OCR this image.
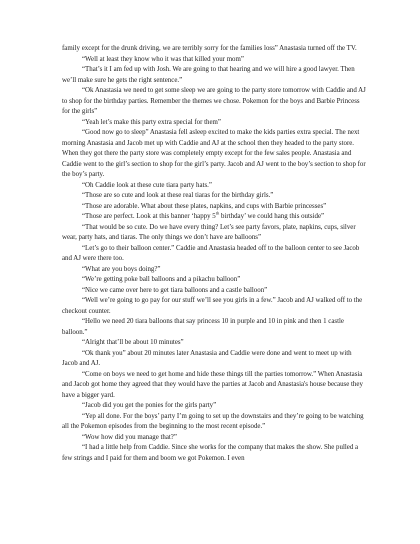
family except for the drunk driving, we are terribly sorry for the families loss” Anastasia turned off the TV.

“Well at least they know who it was that killed your mom”

“That’s it I am fed up with Josh. We are going to that hearing and we will hire a good lawyer. Then we’ll make sure he gets the right sentence.”

“Ok Anastasia we need to get some sleep we are going to the party store tomorrow with Caddie and AJ to shop for the birthday parties. Remember the themes we chose. Pokemon for the boys and Barbie Princess for the girls”

“Yeah let’s make this party extra special for them”

“Good now go to sleep” Anastasia fell asleep excited to make the kids parties extra special. The next morning Anastasia and Jacob met up with Caddie and AJ at the school then they headed to the party store. When they got there the party store was completely empty except for the few sales people. Anastasia and Caddie went to the girl’s section to shop for the girl’s party. Jacob and AJ went to the boy’s section to shop for the boy’s party.

“Oh Caddie look at these cute tiara party hats.”

“Those are so cute and look at these real tiaras for the birthday girls.”

“Those are adorable. What about these plates, napkins, and cups with Barbie princesses”

“Those are perfect. Look at this banner ‘happy 5th birthday’ we could hang this outside”

“That would be so cute. Do we have every thing? Let’s see party favors, plate, napkins, cups, silver wear, party hats, and tiaras. The only things we don’t have are balloons”

“Let’s go to their balloon center.” Caddie and Anastasia headed off to the balloon center to see Jacob and AJ were there too.

“What are you boys doing?”

“We’re getting poke ball balloons and a pikachu balloon”

“Nice we came over here to get tiara balloons and a castle balloon”

“Well we’re going to go pay for our stuff we’ll see you girls in a few.” Jacob and AJ walked off to the checkout counter.

“Hello we need 20 tiara balloons that say princess 10 in purple and 10 in pink and then 1 castle balloon.”

“Alright that’ll be about 10 minutes”

“Ok thank you” about 20 minutes later Anastasia and Caddie were done and went to meet up with Jacob and AJ.

“Come on boys we need to get home and hide these things till the parties tomorrow.” When Anastasia and Jacob got home they agreed that they would have the parties at Jacob and Anastasia's house because they have a bigger yard.

“Jacob did you get the ponies for the girls party”

“Yep all done. For the boys’ party I’m going to set up the downstairs and they’re going to be watching all the Pokemon episodes from the beginning to the most recent episode.”

“Wow how did you manage that?”

“I had a little help from Caddie. Since she works for the company that makes the show. She pulled a few strings and I paid for them and boom we got Pokemon. I even
